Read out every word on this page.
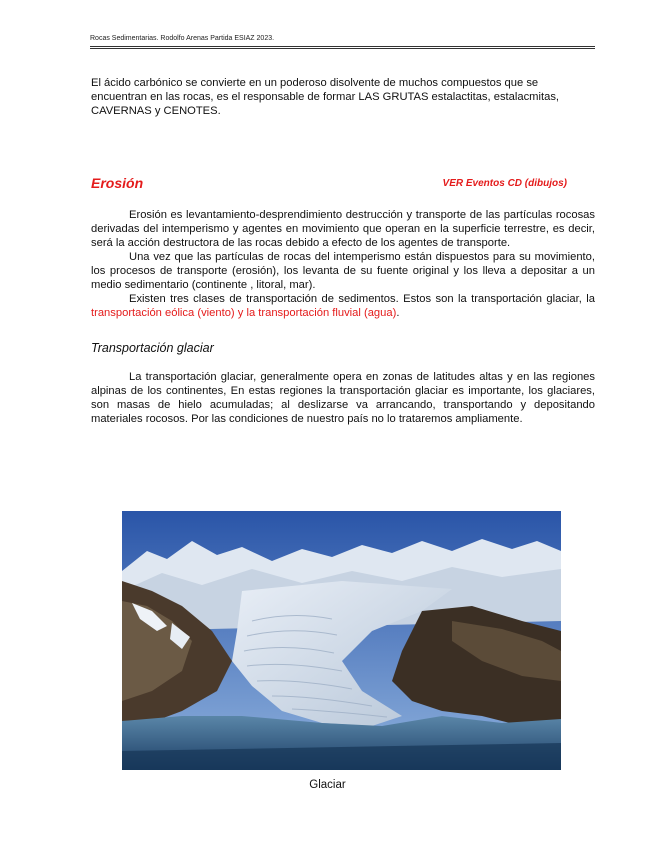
Rocas Sedimentarias. Rodolfo Arenas Partida ESIAZ 2023.
El ácido carbónico se convierte en un poderoso disolvente de muchos compuestos que se encuentran en las rocas, es el responsable de formar LAS GRUTAS estalactitas, estalacmitas, CAVERNAS y CENOTES.
Erosión	VER Eventos CD (dibujos)

Erosión es levantamiento-desprendimiento destrucción y transporte de las partículas rocosas derivadas del intemperismo y agentes en movimiento que operan en la superficie terrestre, es decir, será la acción destructora de las rocas debido a efecto de los agentes de transporte.

Una vez que las partículas de rocas del intemperismo están dispuestos para su movimiento, los procesos de transporte (erosión), los levanta de su fuente original y los lleva a depositar a un medio sedimentario (continente , litoral, mar).

Existen tres clases de transportación de sedimentos. Estos son la transportación glaciar, la transportación eólica (viento) y la transportación fluvial (agua).

Transportación glaciar

La transportación glaciar, generalmente opera en zonas de latitudes altas y en las regiones alpinas de los continentes, En estas regiones la transportación glaciar es importante, los glaciares, son masas de hielo acumuladas; al deslizarse va arrancando, transportando y depositando materiales rocosos. Por las condiciones de nuestro país no lo trataremos ampliamente.

Glaciar
